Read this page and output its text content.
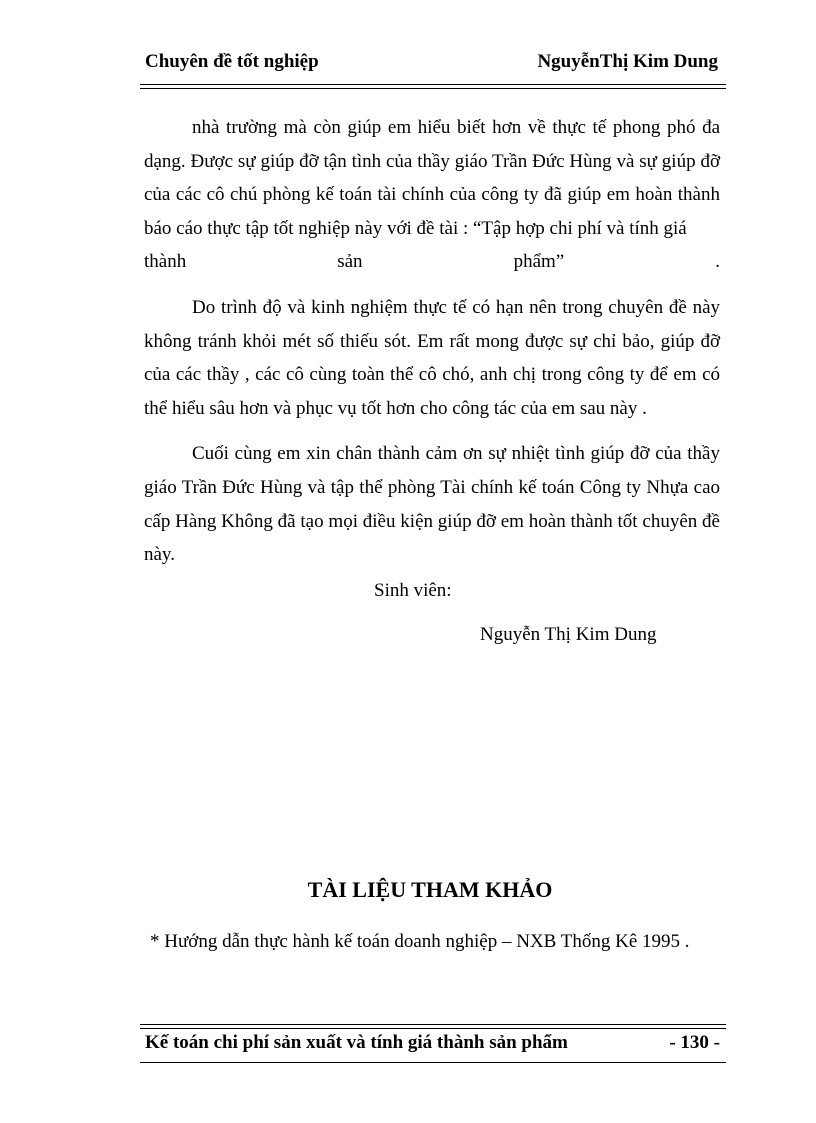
Chuyên đề tốt nghiệp	NguyễnThị Kim Dung

nhà trường mà còn giúp em hiểu biết hơn về thực tế phong phó đa dạng. Được sự giúp đỡ tận tình của thầy giáo Trần Đức Hùng và sự giúp đỡ của các cô chú phòng kế toán tài chính của công ty đã giúp em hoàn thành báo cáo thực tập tốt nghiệp này với đề tài : “Tập hợp chi phí và tính giá

thành	sản	phẩm”	.

Do trình độ và kinh nghiệm thực tế có hạn nên trong chuyên đề này không tránh khỏi mét số thiếu sót. Em rất mong được sự chỉ bảo, giúp đỡ của các thầy , các cô cùng toàn thể cô chó, anh chị trong công ty để em có thể hiểu sâu hơn và phục vụ tốt hơn cho công tác của em sau này .

Cuối cùng em xin chân thành cảm ơn sự nhiệt tình giúp đỡ của thầy giáo Trần Đức Hùng và tập thể phòng Tài chính kế toán Công ty Nhựa cao cấp Hàng Không đã tạo mọi điều kiện giúp đỡ em hoàn thành tốt chuyên đề này.

Sinh viên:
Nguyễn Thị Kim Dung
TÀI LIỆU THAM KHẢO
* Hướng dẫn thực hành kế toán doanh nghiệp – NXB Thống Kê 1995 .
Kế toán chi phí sản xuất và tính giá thành sản phẩm	- 130 -
